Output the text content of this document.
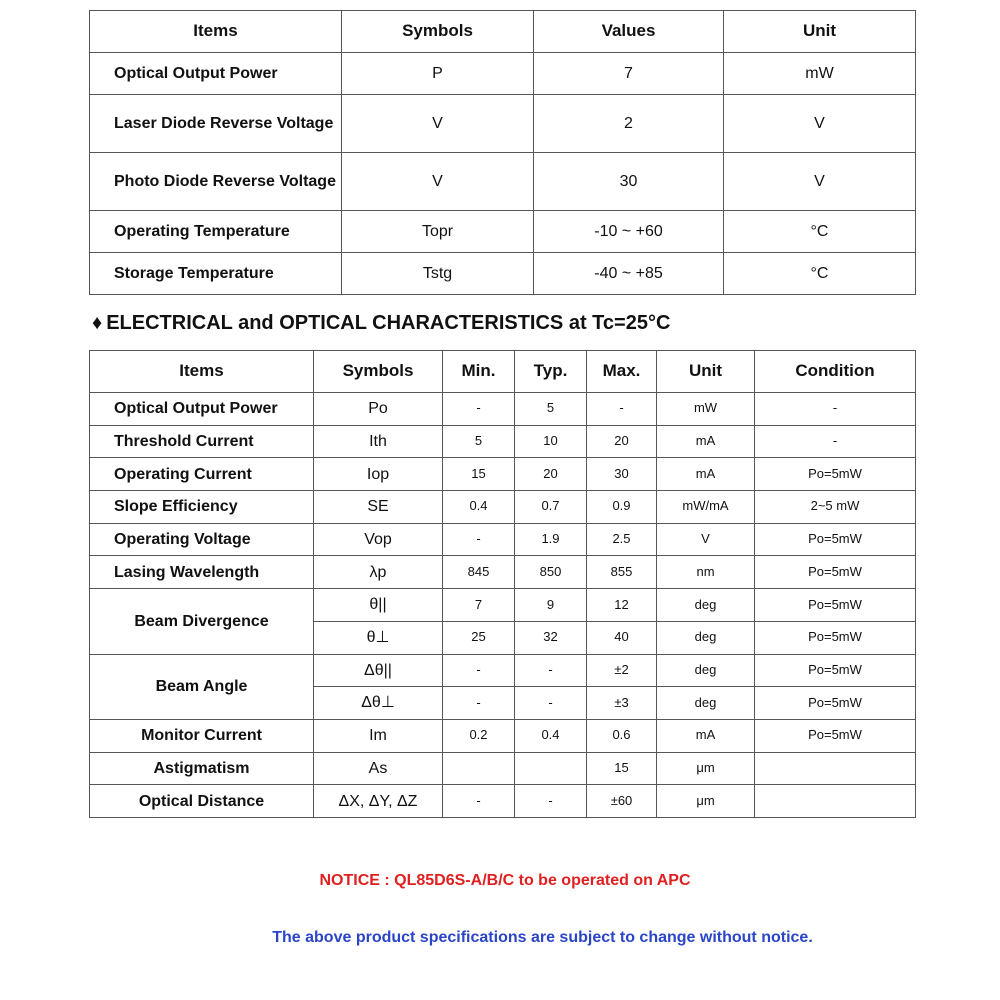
Items	Symbols	Values	Unit
Optical Output Power	P	7	mW
Laser Diode Reverse Voltage	V	2	V
Photo Diode Reverse Voltage	V	30	V
Operating Temperature	Topr	-10 ~ +60	°C
Storage Temperature	Tstg	-40 ~ +85	°C
♦ ELECTRICAL and OPTICAL CHARACTERISTICS at Tc=25°C
Items	Symbols	Min.	Typ.	Max.	Unit	Condition
Optical Output Power	Po	-	5	-	mW	-
Threshold Current	Ith	5	10	20	mA	-
Operating Current	Iop	15	20	30	mA	Po=5mW
Slope Efficiency	SE	0.4	0.7	0.9	mW/mA	2~5 mW
Operating Voltage	Vop	-	1.9	2.5	V	Po=5mW
Lasing Wavelength	λp	845	850	855	nm	Po=5mW
Beam Divergence	θ||	7	9	12	deg	Po=5mW
	θ⊥	25	32	40	deg	Po=5mW
Beam Angle	Δθ||	-	-	±2	deg	Po=5mW
	Δθ⊥	-	-	±3	deg	Po=5mW
Monitor Current	Im	0.2	0.4	0.6	mA	Po=5mW
Astigmatism	As			15	μm	
Optical Distance	ΔX, ΔY, ΔZ	-	-	±60	μm	

NOTICE : QL85D6S-A/B/C to be operated on APC

The above product specifications are subject to change without notice.
